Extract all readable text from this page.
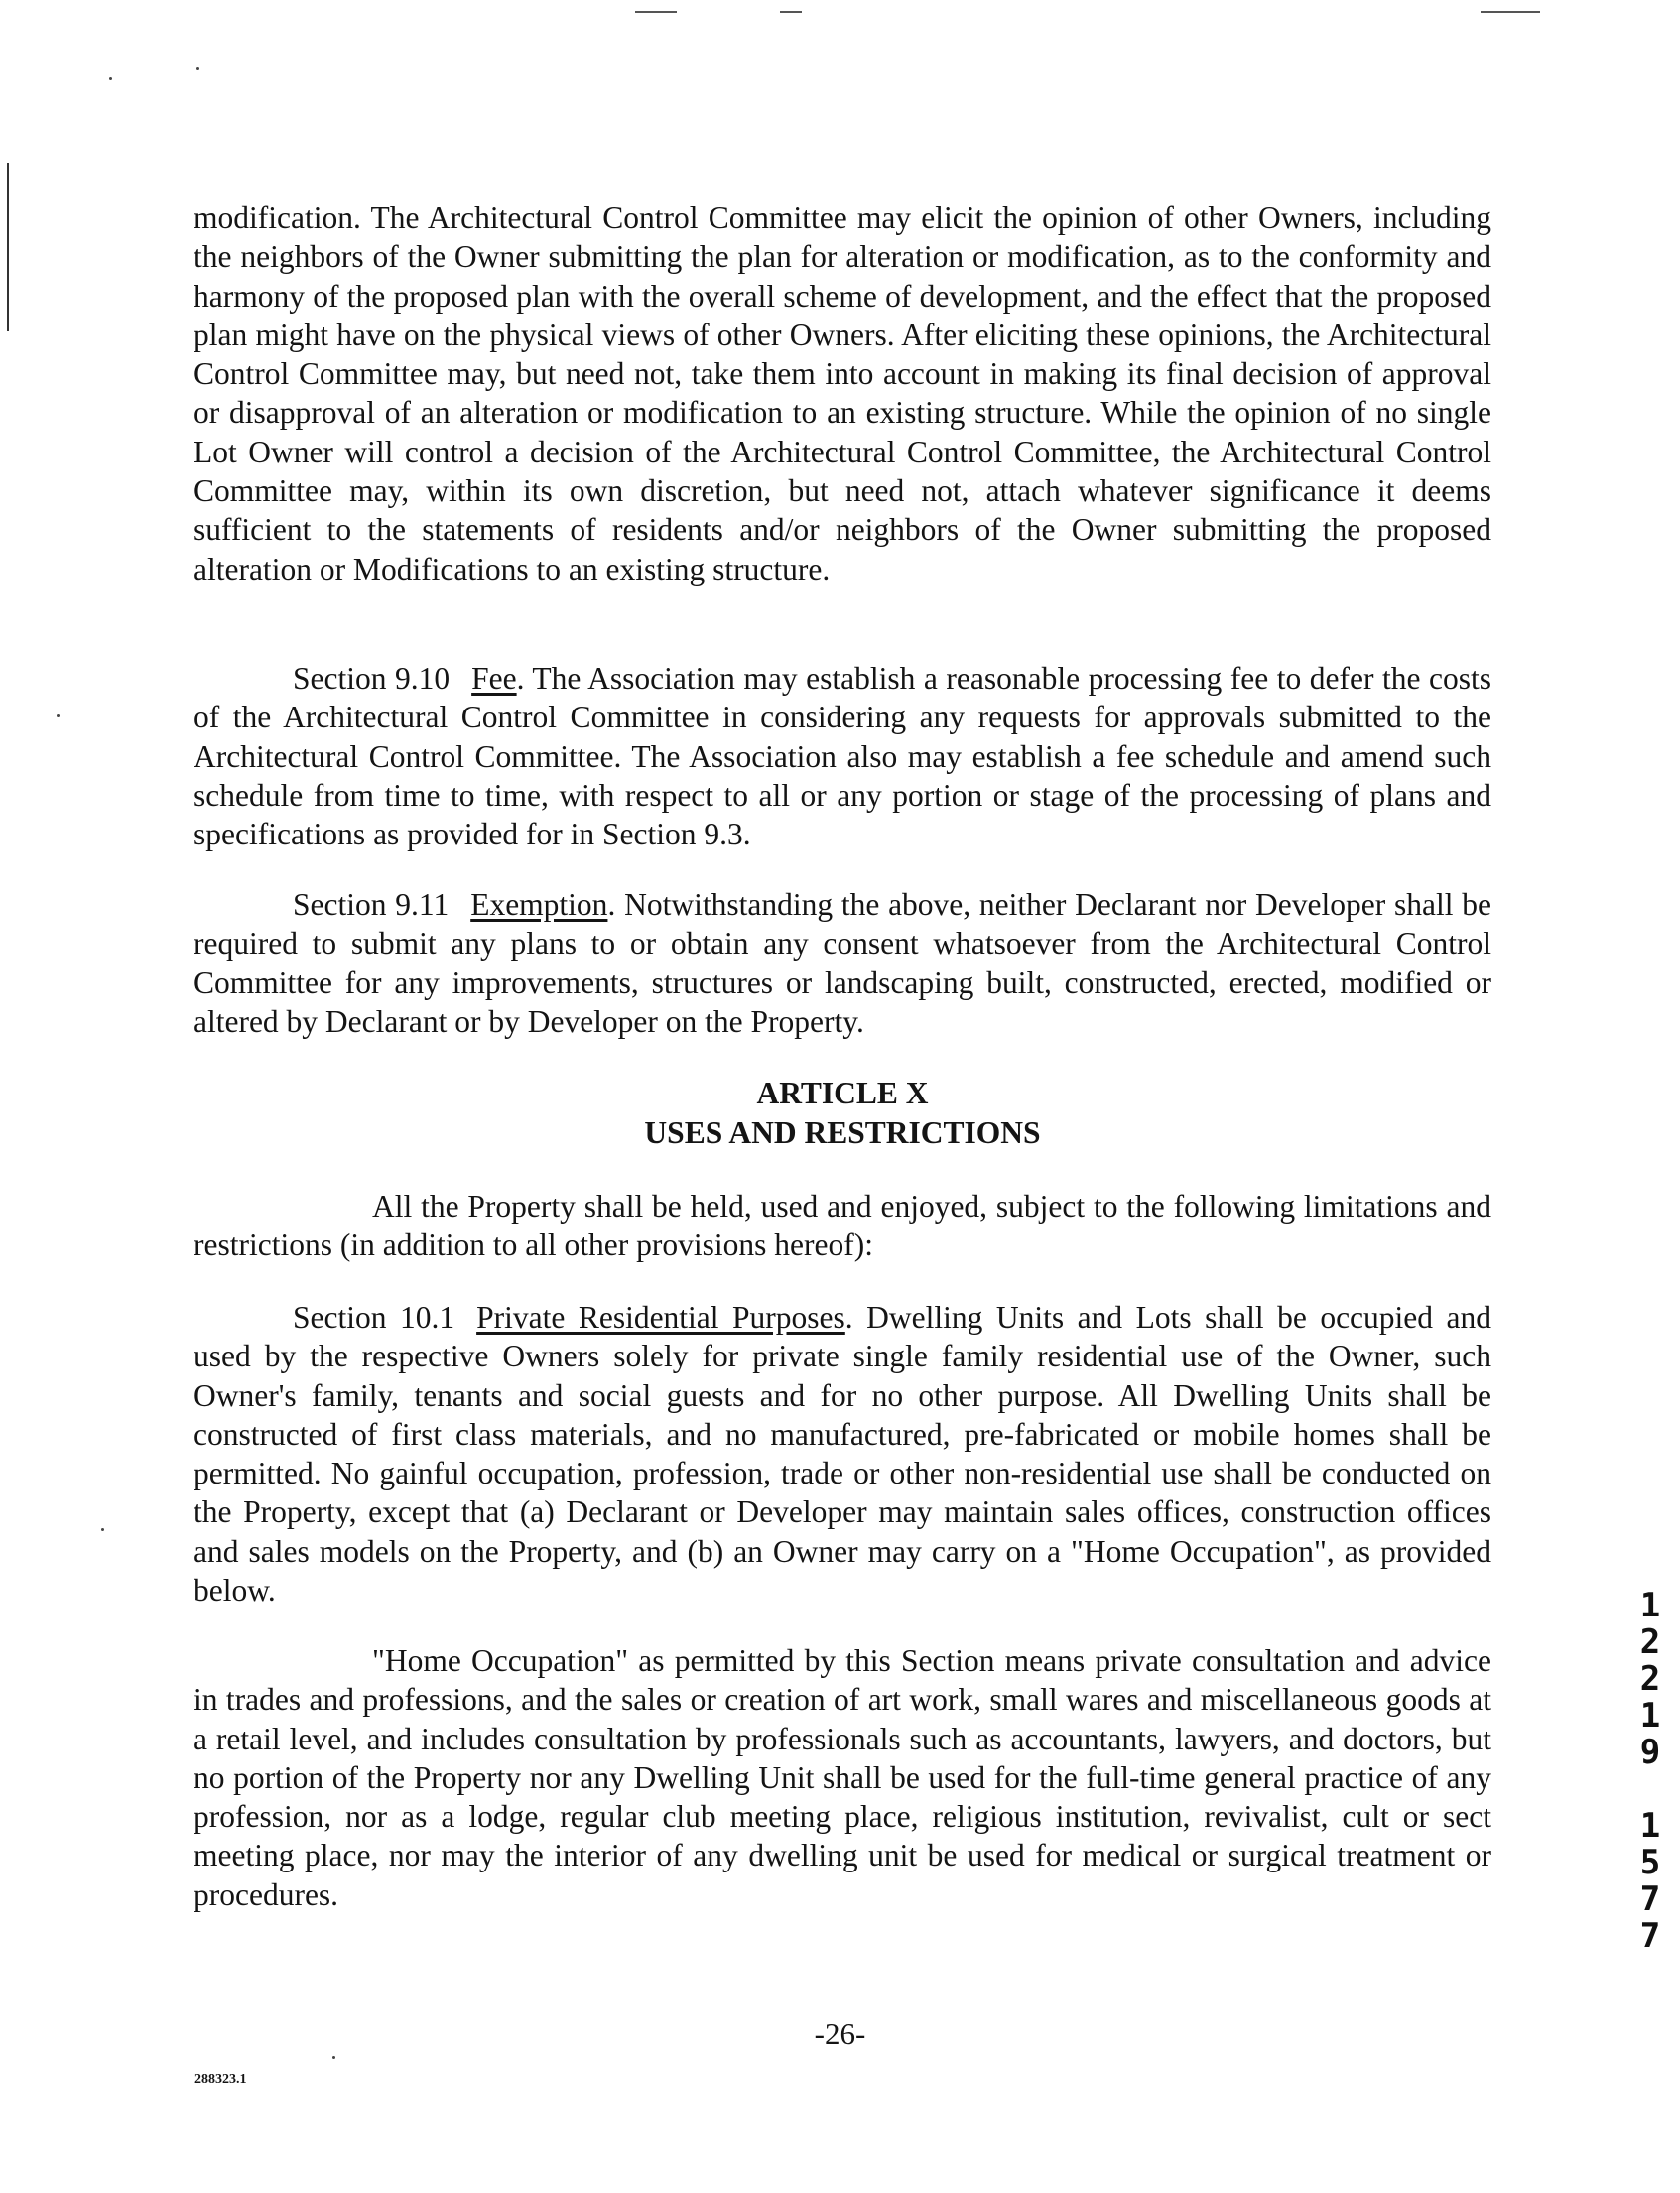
modification. The Architectural Control Committee may elicit the opinion of other Owners, including the neighbors of the Owner submitting the plan for alteration or modification, as to the conformity and harmony of the proposed plan with the overall scheme of development, and the effect that the proposed plan might have on the physical views of other Owners. After eliciting these opinions, the Architectural Control Committee may, but need not, take them into account in making its final decision of approval or disapproval of an alteration or modification to an existing structure. While the opinion of no single Lot Owner will control a decision of the Architectural Control Committee, the Architectural Control Committee may, within its own discretion, but need not, attach whatever significance it deems sufficient to the statements of residents and/or neighbors of the Owner submitting the proposed alteration or Modifications to an existing structure.
Section 9.10 Fee. The Association may establish a reasonable processing fee to defer the costs of the Architectural Control Committee in considering any requests for approvals submitted to the Architectural Control Committee. The Association also may establish a fee schedule and amend such schedule from time to time, with respect to all or any portion or stage of the processing of plans and specifications as provided for in Section 9.3.
Section 9.11 Exemption. Notwithstanding the above, neither Declarant nor Developer shall be required to submit any plans to or obtain any consent whatsoever from the Architectural Control Committee for any improvements, structures or landscaping built, constructed, erected, modified or altered by Declarant or by Developer on the Property.
ARTICLE X
USES AND RESTRICTIONS
All the Property shall be held, used and enjoyed, subject to the following limitations and restrictions (in addition to all other provisions hereof):
Section 10.1 Private Residential Purposes. Dwelling Units and Lots shall be occupied and used by the respective Owners solely for private single family residential use of the Owner, such Owner's family, tenants and social guests and for no other purpose. All Dwelling Units shall be constructed of first class materials, and no manufactured, pre-fabricated or mobile homes shall be permitted. No gainful occupation, profession, trade or other non-residential use shall be conducted on the Property, except that (a) Declarant or Developer may maintain sales offices, construction offices and sales models on the Property, and (b) an Owner may carry on a "Home Occupation", as provided below.
"Home Occupation" as permitted by this Section means private consultation and advice in trades and professions, and the sales or creation of art work, small wares and miscellaneous goods at a retail level, and includes consultation by professionals such as accountants, lawyers, and doctors, but no portion of the Property nor any Dwelling Unit shall be used for the full-time general practice of any profession, nor as a lodge, regular club meeting place, religious institution, revivalist, cult or sect meeting place, nor may the interior of any dwelling unit be used for medical or surgical treatment or procedures.
1
2
2
1
9
1
5
7
7
-26-
288323.1
